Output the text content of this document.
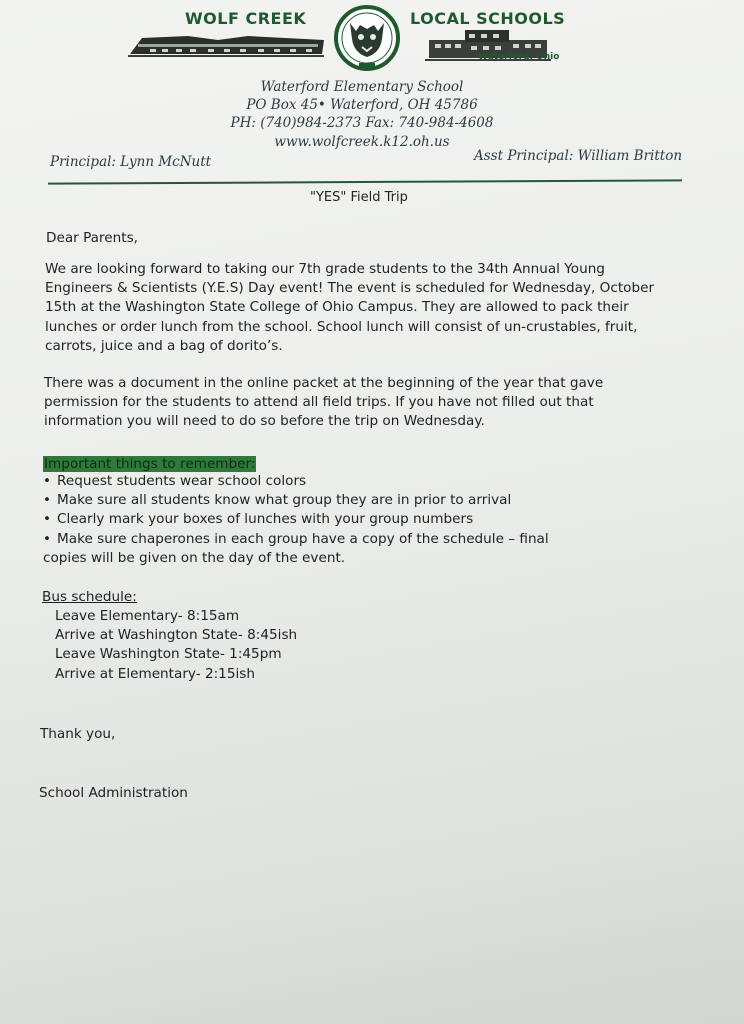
WOLF CREEK	LOCAL SCHOOLS
Waterford, Ohio
Waterford Elementary School
PO Box 45• Waterford, OH 45786
PH: (740)984-2373 Fax: 740-984-4608
www.wolfcreek.k12.oh.us
Principal: Lynn McNutt	Asst Principal: William Britton
"YES" Field Trip
Dear Parents,
We are looking forward to taking our 7th grade students to the 34th Annual Young
Engineers & Scientists (Y.E.S) Day event! The event is scheduled for Wednesday, October
15th at the Washington State College of Ohio Campus. They are allowed to pack their
lunches or order lunch from the school. School lunch will consist of un-crustables, fruit,
carrots, juice and a bag of dorito’s.
There was a document in the online packet at the beginning of the year that gave
permission for the students to attend all field trips. If you have not filled out that
information you will need to do so before the trip on Wednesday.
Important things to remember:
• Request students wear school colors
• Make sure all students know what group they are in prior to arrival
• Clearly mark your boxes of lunches with your group numbers
• Make sure chaperones in each group have a copy of the schedule – final
copies will be given on the day of the event.
Bus schedule:
Leave Elementary- 8:15am
Arrive at Washington State- 8:45ish
Leave Washington State- 1:45pm
Arrive at Elementary- 2:15ish
Thank you,
School Administration
